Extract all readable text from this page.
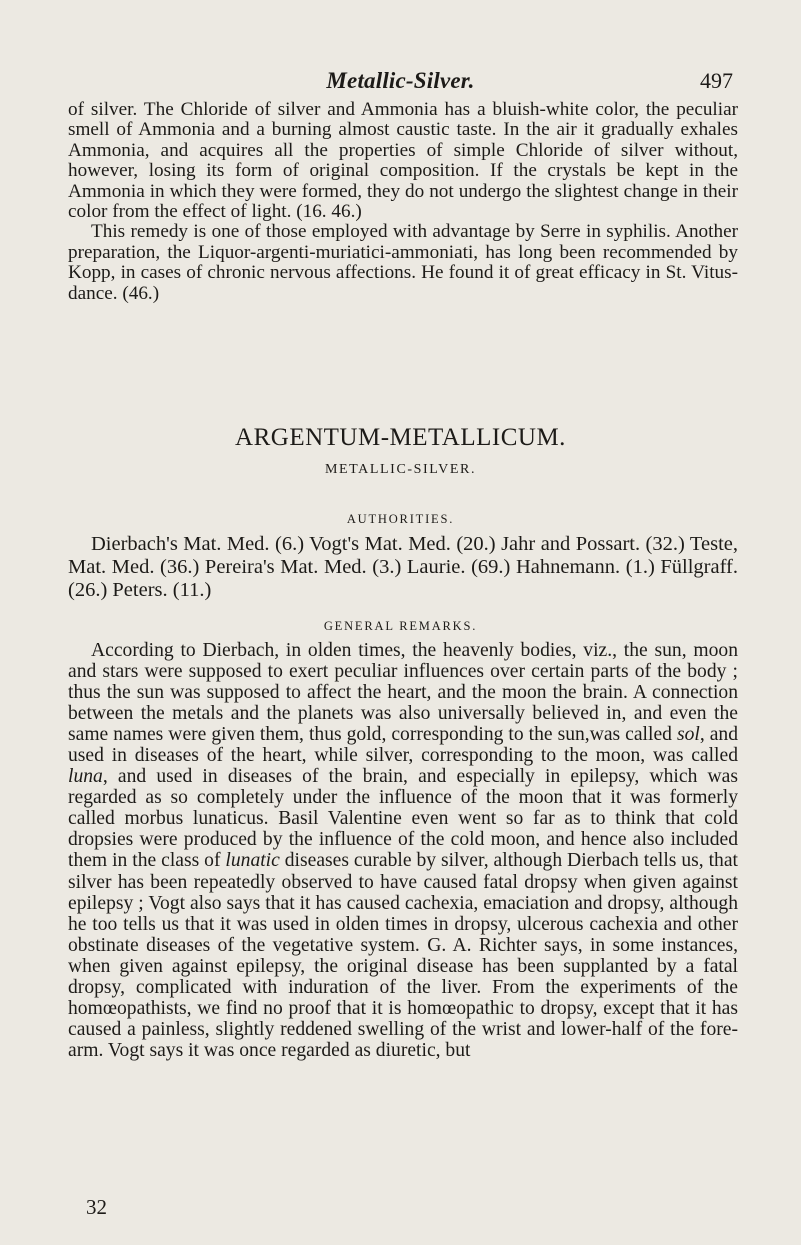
Metallic-Silver.	497

of silver. The Chloride of silver and Ammonia has a bluish-white color, the peculiar smell of Ammonia and a burning almost caustic taste. In the air it gradually exhales Ammonia, and acquires all the properties of simple Chloride of silver without, however, losing its form of original composition. If the crystals be kept in the Ammonia in which they were formed, they do not undergo the slightest change in their color from the effect of light. (16. 46.)

This remedy is one of those employed with advantage by Serre in syphilis. Another preparation, the Liquor-argenti-muriatici-ammoniati, has long been recommended by Kopp, in cases of chronic nervous affections. He found it of great efficacy in St. Vitus-dance. (46.)

ARGENTUM-METALLICUM.
METALLIC-SILVER.
AUTHORITIES.

Dierbach's Mat. Med. (6.) Vogt's Mat. Med. (20.) Jahr and Possart. (32.) Teste, Mat. Med. (36.) Pereira's Mat. Med. (3.) Laurie. (69.) Hahnemann. (1.) Füllgraff. (26.) Peters. (11.)

GENERAL REMARKS.

According to Dierbach, in olden times, the heavenly bodies, viz., the sun, moon and stars were supposed to exert peculiar influences over certain parts of the body ; thus the sun was supposed to affect the heart, and the moon the brain. A connection between the metals and the planets was also universally believed in, and even the same names were given them, thus gold, corresponding to the sun,was called sol, and used in diseases of the heart, while silver, corresponding to the moon, was called luna, and used in diseases of the brain, and especially in epilepsy, which was regarded as so completely under the influence of the moon that it was formerly called morbus lunaticus. Basil Valentine even went so far as to think that cold dropsies were produced by the influence of the cold moon, and hence also included them in the class of lunatic diseases curable by silver, although Dierbach tells us, that silver has been repeatedly observed to have caused fatal dropsy when given against epilepsy ; Vogt also says that it has caused cachexia, emaciation and dropsy, although he too tells us that it was used in olden times in dropsy, ulcerous cachexia and other obstinate diseases of the vegetative system. G. A. Richter says, in some instances, when given against epilepsy, the original disease has been supplanted by a fatal dropsy, complicated with induration of the liver. From the experiments of the homœopathists, we find no proof that it is homœopathic to dropsy, except that it has caused a painless, slightly reddened swelling of the wrist and lower-half of the fore-arm. Vogt says it was once regarded as diuretic, but

32
